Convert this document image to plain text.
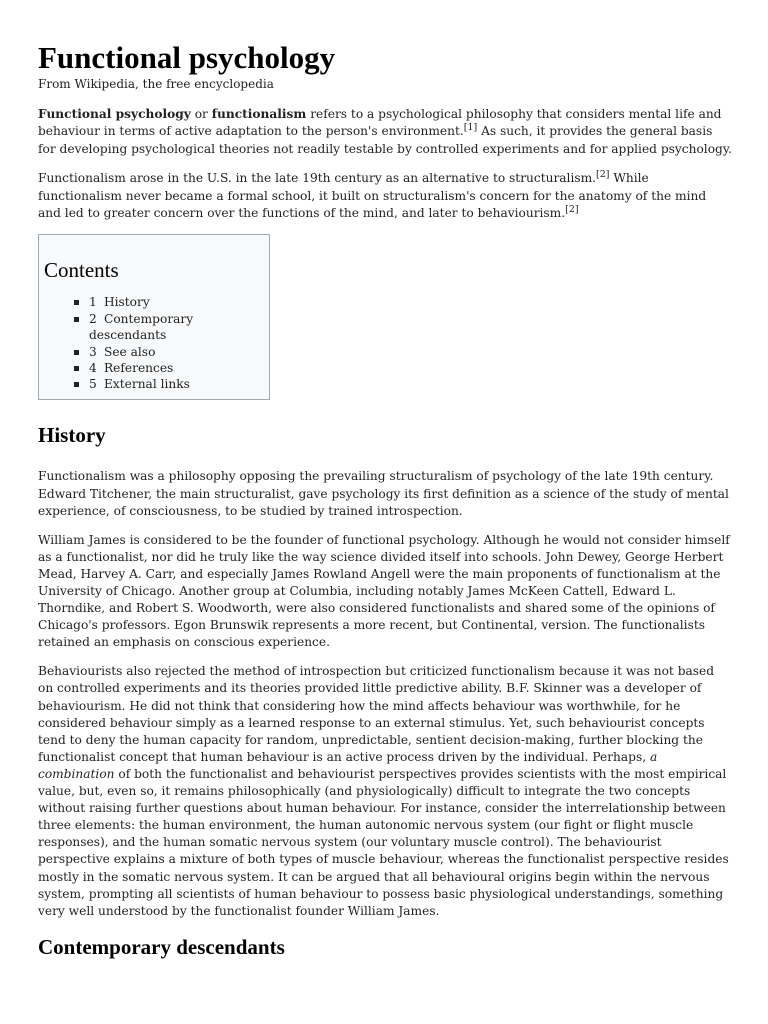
Functional psychology
From Wikipedia, the free encyclopedia

Functional psychology or functionalism refers to a psychological philosophy that considers mental life and behaviour in terms of active adaptation to the person's environment.[1] As such, it provides the general basis for developing psychological theories not readily testable by controlled experiments and for applied psychology.

Functionalism arose in the U.S. in the late 19th century as an alternative to structuralism.[2] While functionalism never became a formal school, it built on structuralism's concern for the anatomy of the mind and led to greater concern over the functions of the mind, and later to behaviourism.[2]

Contents
1 History
2 Contemporary descendants
3 See also
4 References
5 External links
History

Functionalism was a philosophy opposing the prevailing structuralism of psychology of the late 19th century. Edward Titchener, the main structuralist, gave psychology its first definition as a science of the study of mental experience, of consciousness, to be studied by trained introspection.

William James is considered to be the founder of functional psychology. Although he would not consider himself as a functionalist, nor did he truly like the way science divided itself into schools. John Dewey, George Herbert Mead, Harvey A. Carr, and especially James Rowland Angell were the main proponents of functionalism at the University of Chicago. Another group at Columbia, including notably James McKeen Cattell, Edward L. Thorndike, and Robert S. Woodworth, were also considered functionalists and shared some of the opinions of Chicago's professors. Egon Brunswik represents a more recent, but Continental, version. The functionalists retained an emphasis on conscious experience.

Behaviourists also rejected the method of introspection but criticized functionalism because it was not based on controlled experiments and its theories provided little predictive ability. B.F. Skinner was a developer of behaviourism. He did not think that considering how the mind affects behaviour was worthwhile, for he considered behaviour simply as a learned response to an external stimulus. Yet, such behaviourist concepts tend to deny the human capacity for random, unpredictable, sentient decision-making, further blocking the functionalist concept that human behaviour is an active process driven by the individual. Perhaps, a combination of both the functionalist and behaviourist perspectives provides scientists with the most empirical value, but, even so, it remains philosophically (and physiologically) difficult to integrate the two concepts without raising further questions about human behaviour. For instance, consider the interrelationship between three elements: the human environment, the human autonomic nervous system (our fight or flight muscle responses), and the human somatic nervous system (our voluntary muscle control). The behaviourist perspective explains a mixture of both types of muscle behaviour, whereas the functionalist perspective resides mostly in the somatic nervous system. It can be argued that all behavioural origins begin within the nervous system, prompting all scientists of human behaviour to possess basic physiological understandings, something very well understood by the functionalist founder William James.

Contemporary descendants
